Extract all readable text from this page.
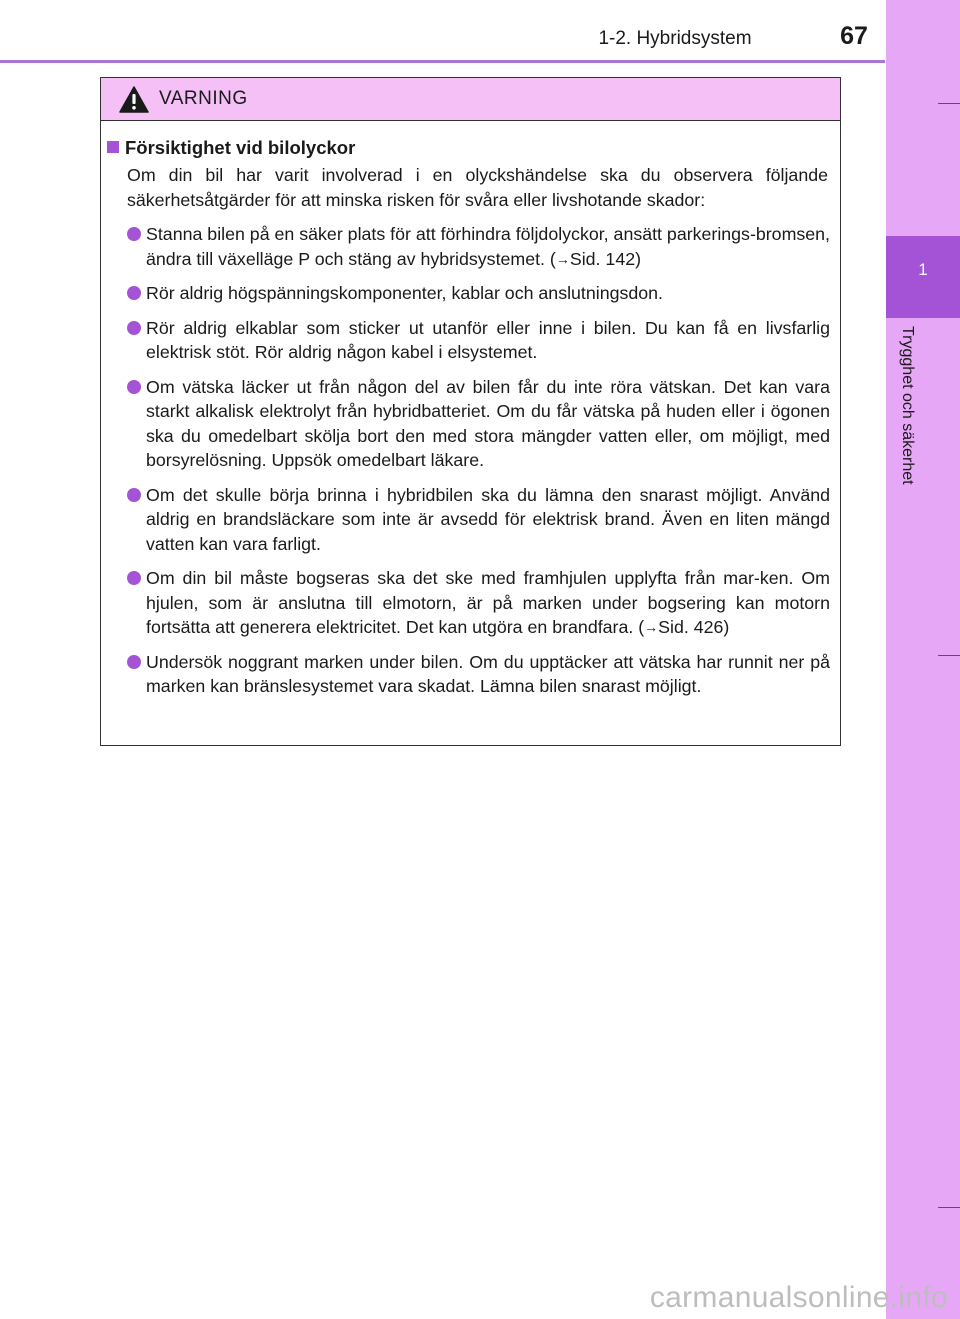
1-2. Hybridsystem	67
1
Trygghet och säkerhet
VARNING
Försiktighet vid bilolyckor

Om din bil har varit involverad i en olyckshändelse ska du observera följande säkerhetsåtgärder för att minska risken för svåra eller livshotande skador:

Stanna bilen på en säker plats för att förhindra följdolyckor, ansätt parkerings-bromsen, ändra till växelläge P och stäng av hybridsystemet. (→Sid. 142)
Rör aldrig högspänningskomponenter, kablar och anslutningsdon.
Rör aldrig elkablar som sticker ut utanför eller inne i bilen. Du kan få en livsfarlig elektrisk stöt. Rör aldrig någon kabel i elsystemet.
Om vätska läcker ut från någon del av bilen får du inte röra vätskan. Det kan vara starkt alkalisk elektrolyt från hybridbatteriet. Om du får vätska på huden eller i ögonen ska du omedelbart skölja bort den med stora mängder vatten eller, om möjligt, med borsyrelösning. Uppsök omedelbart läkare.
Om det skulle börja brinna i hybridbilen ska du lämna den snarast möjligt. Använd aldrig en brandsläckare som inte är avsedd för elektrisk brand. Även en liten mängd vatten kan vara farligt.
Om din bil måste bogseras ska det ske med framhjulen upplyfta från mar-ken. Om hjulen, som är anslutna till elmotorn, är på marken under bogsering kan motorn fortsätta att generera elektricitet. Det kan utgöra en brandfara. (→Sid. 426)
Undersök noggrant marken under bilen. Om du upptäcker att vätska har runnit ner på marken kan bränslesystemet vara skadat. Lämna bilen snarast möjligt.
carmanualsonline.info
